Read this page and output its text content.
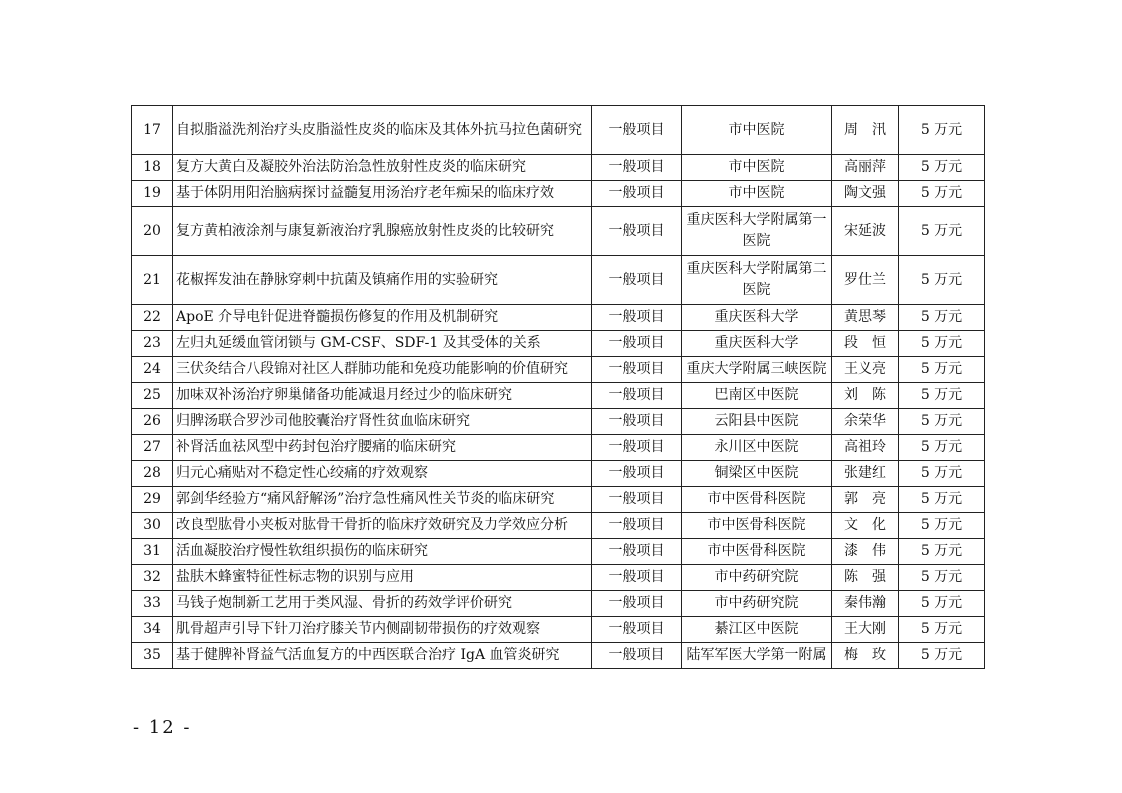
17	自拟脂溢洗剂治疗头皮脂溢性皮炎的临床及其体外抗马拉色菌研究	一般项目	市中医院	周　汛	5 万元
18	复方大黄白及凝胶外治法防治急性放射性皮炎的临床研究	一般项目	市中医院	高丽萍	5 万元
19	基于体阴用阳治脑病探讨益髓复用汤治疗老年痴呆的临床疗效	一般项目	市中医院	陶文强	5 万元
20	复方黄柏液涂剂与康复新液治疗乳腺癌放射性皮炎的比较研究	一般项目	重庆医科大学附属第一医院	宋延波	5 万元
21	花椒挥发油在静脉穿刺中抗菌及镇痛作用的实验研究	一般项目	重庆医科大学附属第二医院	罗仕兰	5 万元
22	ApoE 介导电针促进脊髓损伤修复的作用及机制研究	一般项目	重庆医科大学	黄思琴	5 万元
23	左归丸延缓血管闭锁与 GM-CSF、SDF-1 及其受体的关系	一般项目	重庆医科大学	段　恒	5 万元
24	三伏灸结合八段锦对社区人群肺功能和免疫功能影响的价值研究	一般项目	重庆大学附属三峡医院	王义亮	5 万元
25	加味双补汤治疗卵巢储备功能减退月经过少的临床研究	一般项目	巴南区中医院	刘　陈	5 万元
26	归脾汤联合罗沙司他胶囊治疗肾性贫血临床研究	一般项目	云阳县中医院	余荣华	5 万元
27	补肾活血祛风型中药封包治疗腰痛的临床研究	一般项目	永川区中医院	高祖玲	5 万元
28	归元心痛贴对不稳定性心绞痛的疗效观察	一般项目	铜梁区中医院	张建红	5 万元
29	郭剑华经验方“痛风舒解汤”治疗急性痛风性关节炎的临床研究	一般项目	市中医骨科医院	郭　亮	5 万元
30	改良型肱骨小夹板对肱骨干骨折的临床疗效研究及力学效应分析	一般项目	市中医骨科医院	文　化	5 万元
31	活血凝胶治疗慢性软组织损伤的临床研究	一般项目	市中医骨科医院	漆　伟	5 万元
32	盐肤木蜂蜜特征性标志物的识别与应用	一般项目	市中药研究院	陈　强	5 万元
33	马钱子炮制新工艺用于类风湿、骨折的药效学评价研究	一般项目	市中药研究院	秦伟瀚	5 万元
34	肌骨超声引导下针刀治疗膝关节内侧副韧带损伤的疗效观察	一般项目	綦江区中医院	王大刚	5 万元
35	基于健脾补肾益气活血复方的中西医联合治疗 IgA 血管炎研究	一般项目	陆军军医大学第一附属	梅　玫	5 万元
- 12 -
